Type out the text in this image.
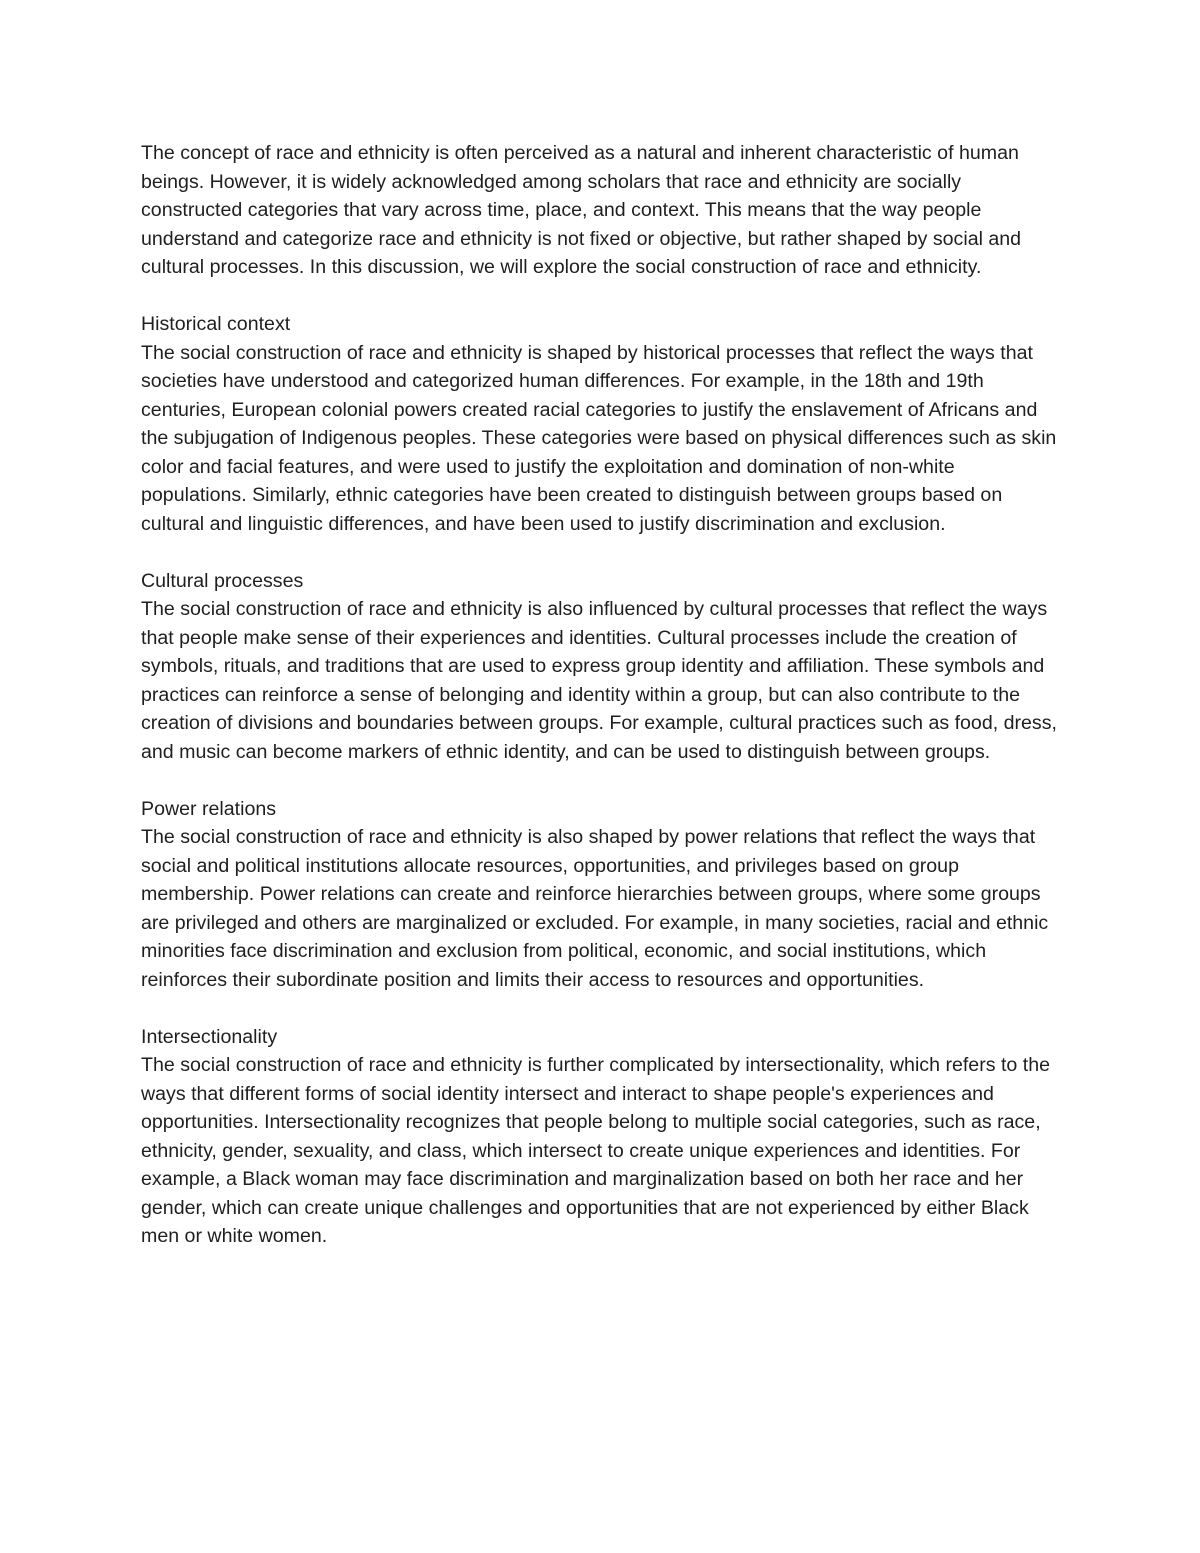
The concept of race and ethnicity is often perceived as a natural and inherent characteristic of human beings. However, it is widely acknowledged among scholars that race and ethnicity are socially constructed categories that vary across time, place, and context. This means that the way people understand and categorize race and ethnicity is not fixed or objective, but rather shaped by social and cultural processes. In this discussion, we will explore the social construction of race and ethnicity.

Historical context

The social construction of race and ethnicity is shaped by historical processes that reflect the ways that societies have understood and categorized human differences. For example, in the 18th and 19th centuries, European colonial powers created racial categories to justify the enslavement of Africans and the subjugation of Indigenous peoples. These categories were based on physical differences such as skin color and facial features, and were used to justify the exploitation and domination of non-white populations. Similarly, ethnic categories have been created to distinguish between groups based on cultural and linguistic differences, and have been used to justify discrimination and exclusion.

Cultural processes

The social construction of race and ethnicity is also influenced by cultural processes that reflect the ways that people make sense of their experiences and identities. Cultural processes include the creation of symbols, rituals, and traditions that are used to express group identity and affiliation. These symbols and practices can reinforce a sense of belonging and identity within a group, but can also contribute to the creation of divisions and boundaries between groups. For example, cultural practices such as food, dress, and music can become markers of ethnic identity, and can be used to distinguish between groups.

Power relations

The social construction of race and ethnicity is also shaped by power relations that reflect the ways that social and political institutions allocate resources, opportunities, and privileges based on group membership. Power relations can create and reinforce hierarchies between groups, where some groups are privileged and others are marginalized or excluded. For example, in many societies, racial and ethnic minorities face discrimination and exclusion from political, economic, and social institutions, which reinforces their subordinate position and limits their access to resources and opportunities.

Intersectionality

The social construction of race and ethnicity is further complicated by intersectionality, which refers to the ways that different forms of social identity intersect and interact to shape people's experiences and opportunities. Intersectionality recognizes that people belong to multiple social categories, such as race, ethnicity, gender, sexuality, and class, which intersect to create unique experiences and identities. For example, a Black woman may face discrimination and marginalization based on both her race and her gender, which can create unique challenges and opportunities that are not experienced by either Black men or white women.
